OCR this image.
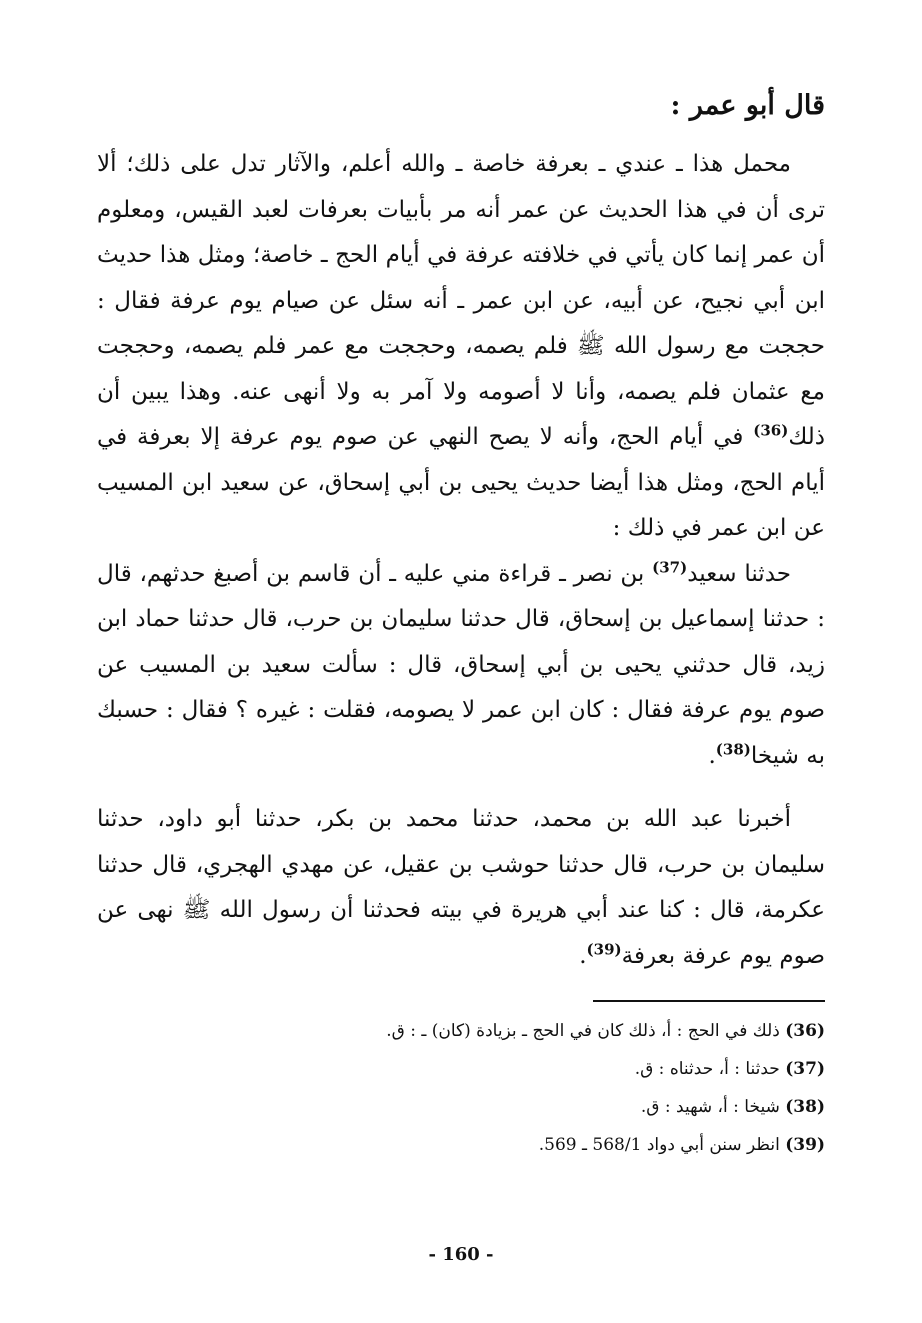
قال أبو عمر :

محمل هذا ـ عندي ـ بعرفة خاصة ـ والله أعلم، والآثار تدل على ذلك؛ ألا ترى أن في هذا الحديث عن عمر أنه مر بأبيات بعرفات لعبد القيس، ومعلوم أن عمر إنما كان يأتي في خلافته عرفة في أيام الحج ـ خاصة؛ ومثل هذا حديث ابن أبي نجيح، عن أبيه، عن ابن عمر ـ أنه سئل عن صيام يوم عرفة فقال : حججت مع رسول الله ﷺ فلم يصمه، وحججت مع عمر فلم يصمه، وحججت مع عثمان فلم يصمه، وأنا لا أصومه ولا آمر به ولا أنهى عنه. وهذا يبين أن ذلك$^{(36)}$ في أيام الحج، وأنه لا يصح النهي عن صوم يوم عرفة إلا بعرفة في أيام الحج، ومثل هذا أيضا حديث يحيى بن أبي إسحاق، عن سعيد ابن المسيب عن ابن عمر في ذلك :

حدثنا سعيد$^{(37)}$ بن نصر ـ قراءة مني عليه ـ أن قاسم بن أصبغ حدثهم، قال : حدثنا إسماعيل بن إسحاق، قال حدثنا سليمان بن حرب، قال حدثنا حماد ابن زيد، قال حدثني يحيى بن أبي إسحاق، قال : سألت سعيد بن المسيب عن صوم يوم عرفة فقال : كان ابن عمر لا يصومه، فقلت : غيره ؟ فقال : حسبك به شيخا$^{(38)}$.

أخبرنا عبد الله بن محمد، حدثنا محمد بن بكر، حدثنا أبو داود، حدثنا سليمان بن حرب، قال حدثنا حوشب بن عقيل، عن مهدي الهجري، قال حدثنا عكرمة، قال : كنا عند أبي هريرة في بيته فحدثنا أن رسول الله ﷺ نهى عن صوم يوم عرفة بعرفة$^{(39)}$.

(36) ذلك في الحج : أ، ذلك كان في الحج ـ بزيادة (كان) ـ : ق.

(37) حدثنا : أ، حدثناه : ق.

(38) شيخا : أ، شهيد : ق.

(39) انظر سنن أبي دواد 568/1 ـ 569.

- 160 -
